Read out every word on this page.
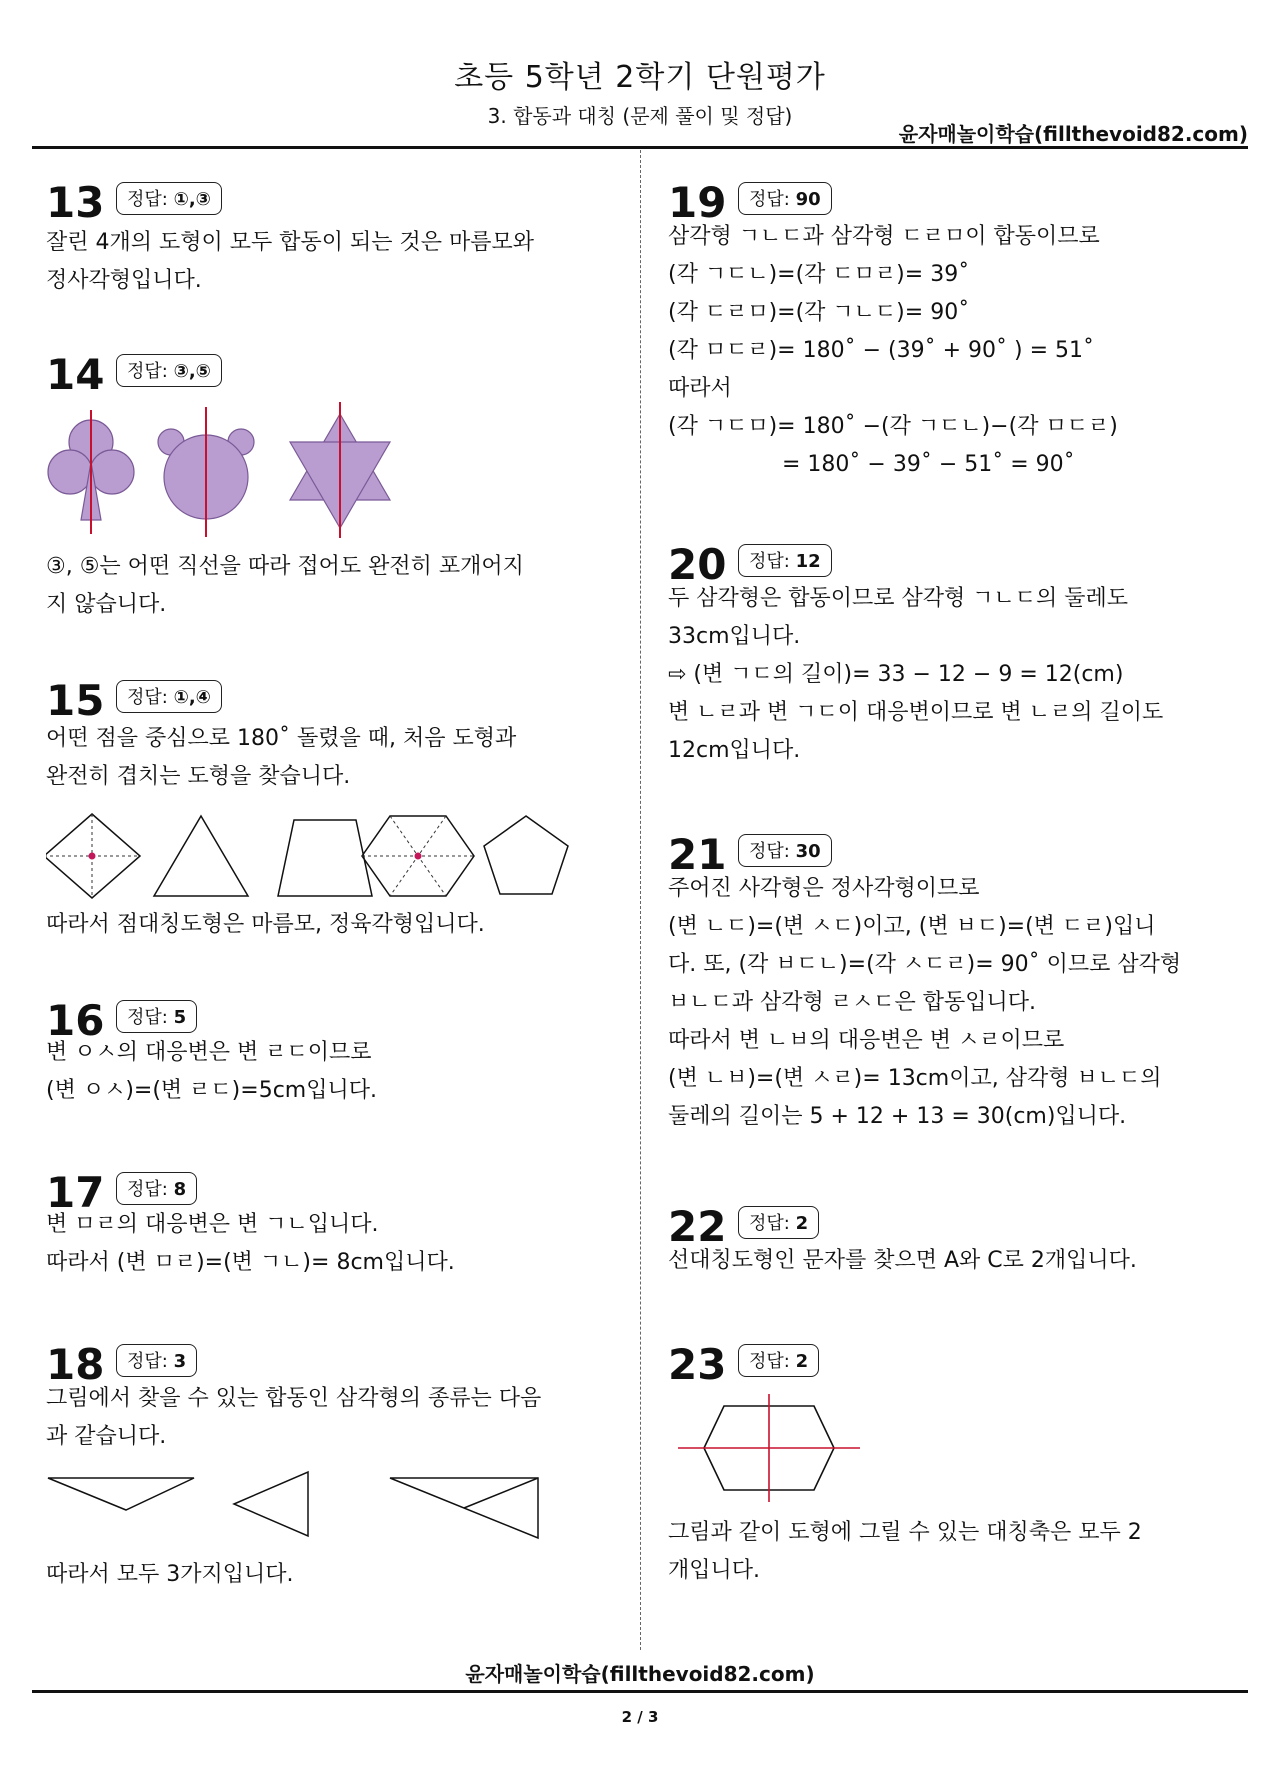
초등 5학년 2학기 단원평가
3. 합동과 대칭 (문제 풀이 및 정답)
윤자매놀이학습(fillthevoid82.com)
13	정답: ①,③
잘린 4개의 도형이 모두 합동이 되는 것은 마름모와
정사각형입니다.
14	정답: ③,⑤
③, ⑤는 어떤 직선을 따라 접어도 완전히 포개어지
지 않습니다.
15	정답: ①,④
어떤 점을 중심으로 180˚ 돌렸을 때, 처음 도형과
완전히 겹치는 도형을 찾습니다.
따라서 점대칭도형은 마름모, 정육각형입니다.
16	정답: 5
변 ㅇㅅ의 대응변은 변 ㄹㄷ이므로
(변 ㅇㅅ)=(변 ㄹㄷ)=5cm입니다.
17	정답: 8
변 ㅁㄹ의 대응변은 변 ㄱㄴ입니다.
따라서 (변 ㅁㄹ)=(변 ㄱㄴ)= 8cm입니다.
18	정답: 3
그림에서 찾을 수 있는 합동인 삼각형의 종류는 다음
과 같습니다.
따라서 모두 3가지입니다.
19	정답: 90
삼각형 ㄱㄴㄷ과 삼각형 ㄷㄹㅁ이 합동이므로
(각 ㄱㄷㄴ)=(각 ㄷㅁㄹ)= 39˚
(각 ㄷㄹㅁ)=(각 ㄱㄴㄷ)= 90˚
(각 ㅁㄷㄹ)= 180˚ − (39˚ + 90˚ ) = 51˚
따라서
(각 ㄱㄷㅁ)= 180˚ −(각 ㄱㄷㄴ)−(각 ㅁㄷㄹ)
= 180˚ − 39˚ − 51˚ = 90˚
20	정답: 12
두 삼각형은 합동이므로 삼각형 ㄱㄴㄷ의 둘레도
33cm입니다.
⇨ (변 ㄱㄷ의 길이)= 33 − 12 − 9 = 12(cm)
변 ㄴㄹ과 변 ㄱㄷ이 대응변이므로 변 ㄴㄹ의 길이도
12cm입니다.
21	정답: 30
주어진 사각형은 정사각형이므로
(변 ㄴㄷ)=(변 ㅅㄷ)이고, (변 ㅂㄷ)=(변 ㄷㄹ)입니
다. 또, (각 ㅂㄷㄴ)=(각 ㅅㄷㄹ)= 90˚ 이므로 삼각형
ㅂㄴㄷ과 삼각형 ㄹㅅㄷ은 합동입니다.
따라서 변 ㄴㅂ의 대응변은 변 ㅅㄹ이므로
(변 ㄴㅂ)=(변 ㅅㄹ)= 13cm이고, 삼각형 ㅂㄴㄷ의
둘레의 길이는 5 + 12 + 13 = 30(cm)입니다.
22	정답: 2
선대칭도형인 문자를 찾으면 A와 C로 2개입니다.
23	정답: 2
그림과 같이 도형에 그릴 수 있는 대칭축은 모두 2
개입니다.
윤자매놀이학습(fillthevoid82.com)
2 / 3
